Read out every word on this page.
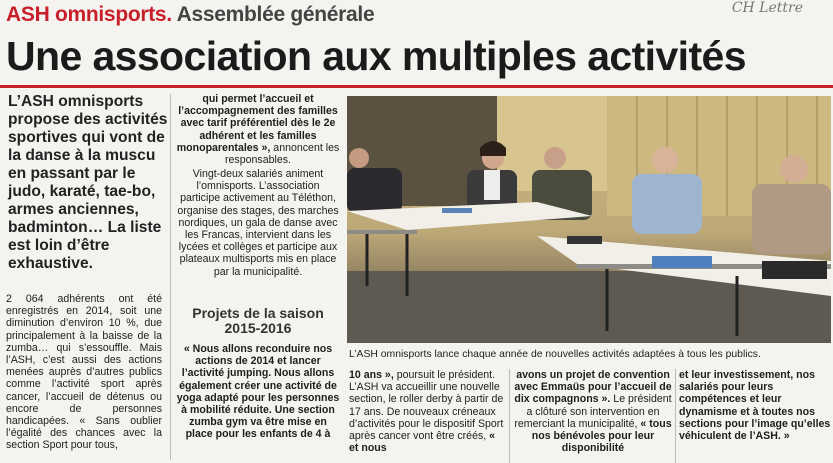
ASH omnisports. Assemblée générale	CH Lettre
Une association aux multiples activités
L’ASH omnisports propose des activités sportives qui vont de la danse à la muscu en passant par le judo, karaté, tae-bo, armes anciennes, badminton… La liste est loin d’être exhaustive.
2 064 adhérents ont été enregistrés en 2014, soit une diminution d’environ 10 %, due principalement à la baisse de la zumba… qui s’essouffle. Mais l’ASH, c’est aussi des actions menées auprès d’autres publics comme l’activité sport après cancer, l’accueil de détenus ou encore de personnes handicapées. « Sans oublier l’égalité des chances avec la section Sport pour tous,
qui permet l’accueil et l’accompagnement des familles avec tarif préférentiel dès le 2e adhérent et les familles monoparentales », annoncent les responsables.
Vingt-deux salariés animent l’omnisports. L’association participe activement au Téléthon, organise des stages, des marches nordiques, un gala de danse avec les Francas, intervient dans les lycées et collèges et participe aux plateaux multisports mis en place par la municipalité.
Projets de la saison 2015-2016
« Nous allons reconduire nos actions de 2014 et lancer l’activité jumping. Nous allons également créer une activité de yoga adapté pour les personnes à mobilité réduite. Une section zumba gym va être mise en place pour les enfants de 4 à
L’ASH omnisports lance chaque année de nouvelles activités adaptées à tous les publics.
10 ans », poursuit le président. L’ASH va accueillir une nouvelle section, le roller derby à partir de 17 ans. De nouveaux créneaux d’activités pour le dispositif Sport après cancer vont être créés, « et nous
avons un projet de convention avec Emmaüs pour l’accueil de dix compagnons ». Le président a clôturé son intervention en remerciant la municipalité, « tous nos bénévoles pour leur disponibilité
et leur investissement, nos salariés pour leurs compétences et leur dynamisme et à toutes nos sections pour l’image qu’elles véhiculent de l’ASH. »
